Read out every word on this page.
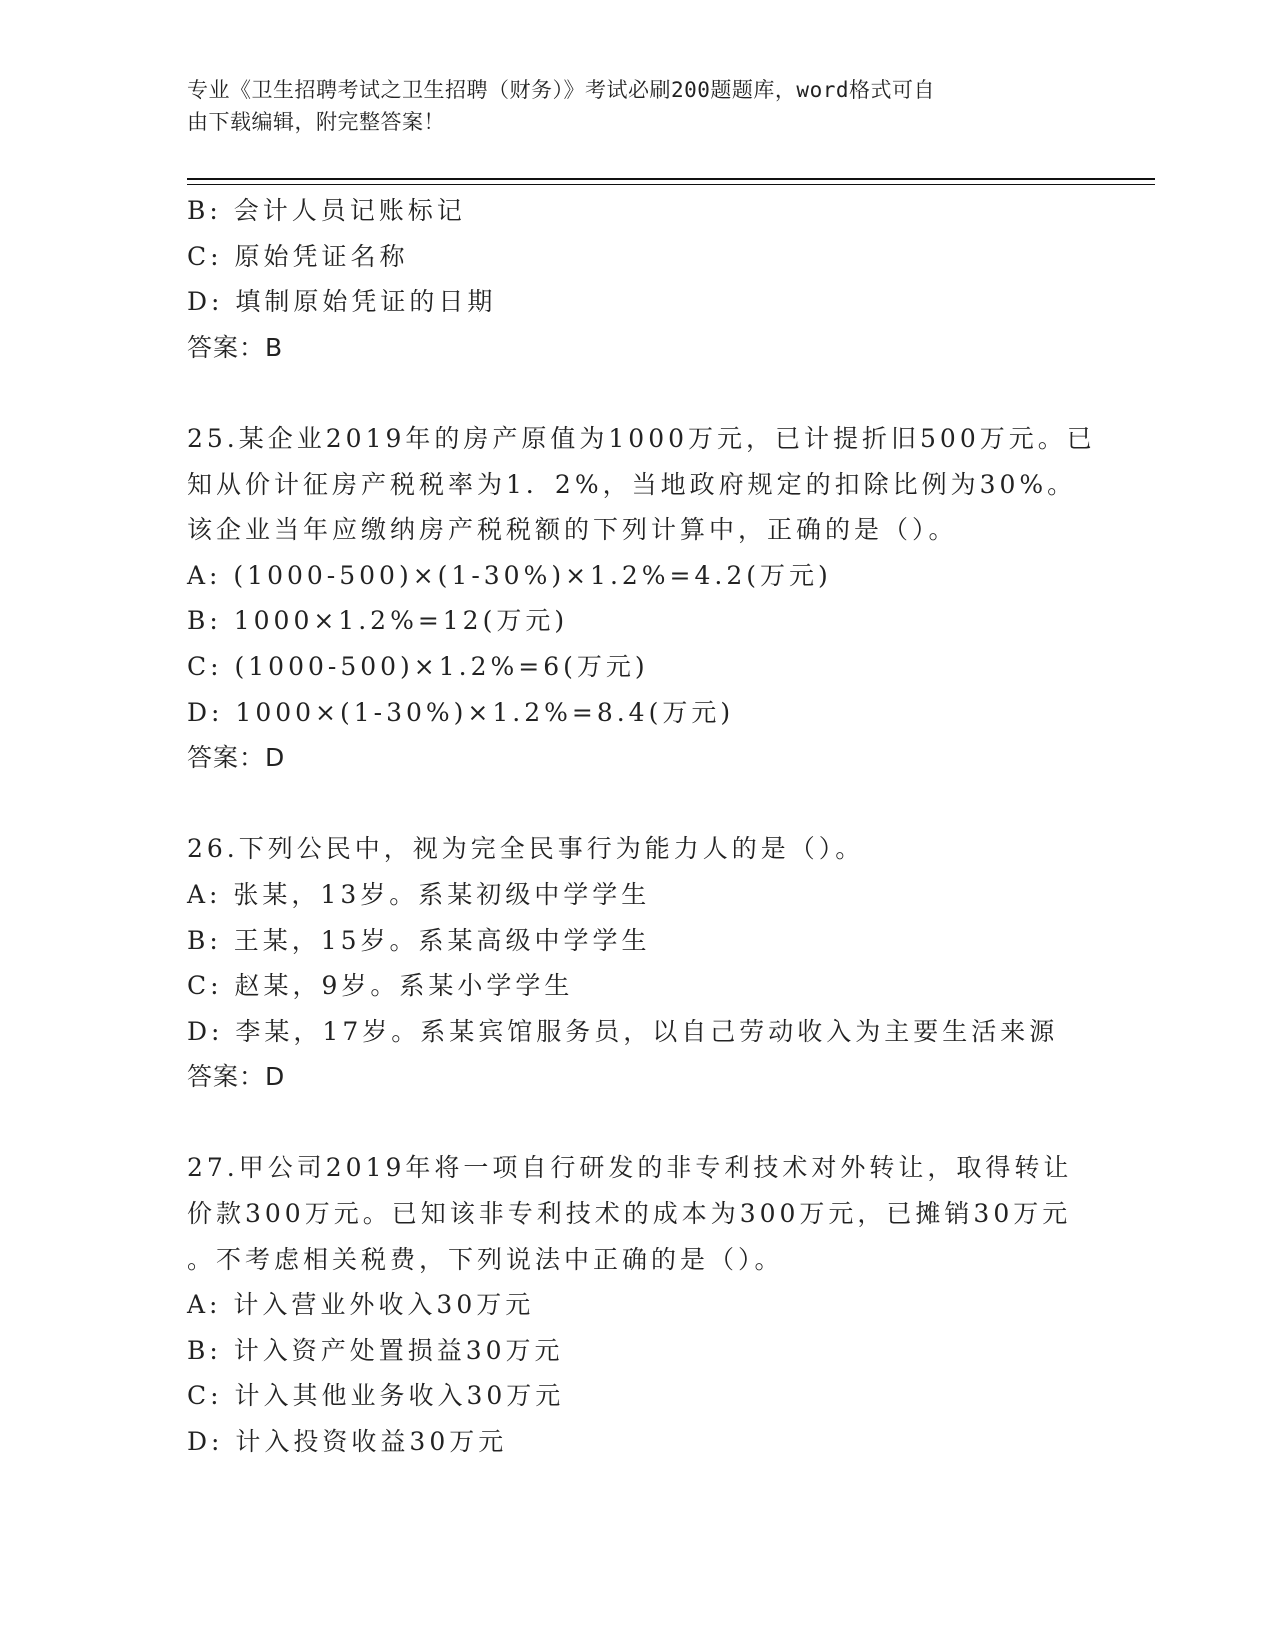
专业《卫生招聘考试之卫生招聘（财务）》考试必刷200题题库，word格式可自
由下载编辑，附完整答案！
B: 会计人员记账标记
C: 原始凭证名称
D: 填制原始凭证的日期
答案：B
25.某企业2019年的房产原值为1000万元，已计提折旧500万元。已
知从价计征房产税税率为1．2%，当地政府规定的扣除比例为30%。
该企业当年应缴纳房产税税额的下列计算中，正确的是（）。
A: (1000-500)×(1-30%)×1.2%=4.2(万元)
B: 1000×1.2%=12(万元)
C: (1000-500)×1.2%=6(万元)
D: 1000×(1-30%)×1.2%=8.4(万元)
答案：D
26.下列公民中，视为完全民事行为能力人的是（）。
A: 张某，13岁。系某初级中学学生
B: 王某，15岁。系某高级中学学生
C: 赵某，9岁。系某小学学生
D: 李某，17岁。系某宾馆服务员，以自己劳动收入为主要生活来源
答案：D
27.甲公司2019年将一项自行研发的非专利技术对外转让，取得转让
价款300万元。已知该非专利技术的成本为300万元，已摊销30万元
。不考虑相关税费，下列说法中正确的是（）。
A: 计入营业外收入30万元
B: 计入资产处置损益30万元
C: 计入其他业务收入30万元
D: 计入投资收益30万元
